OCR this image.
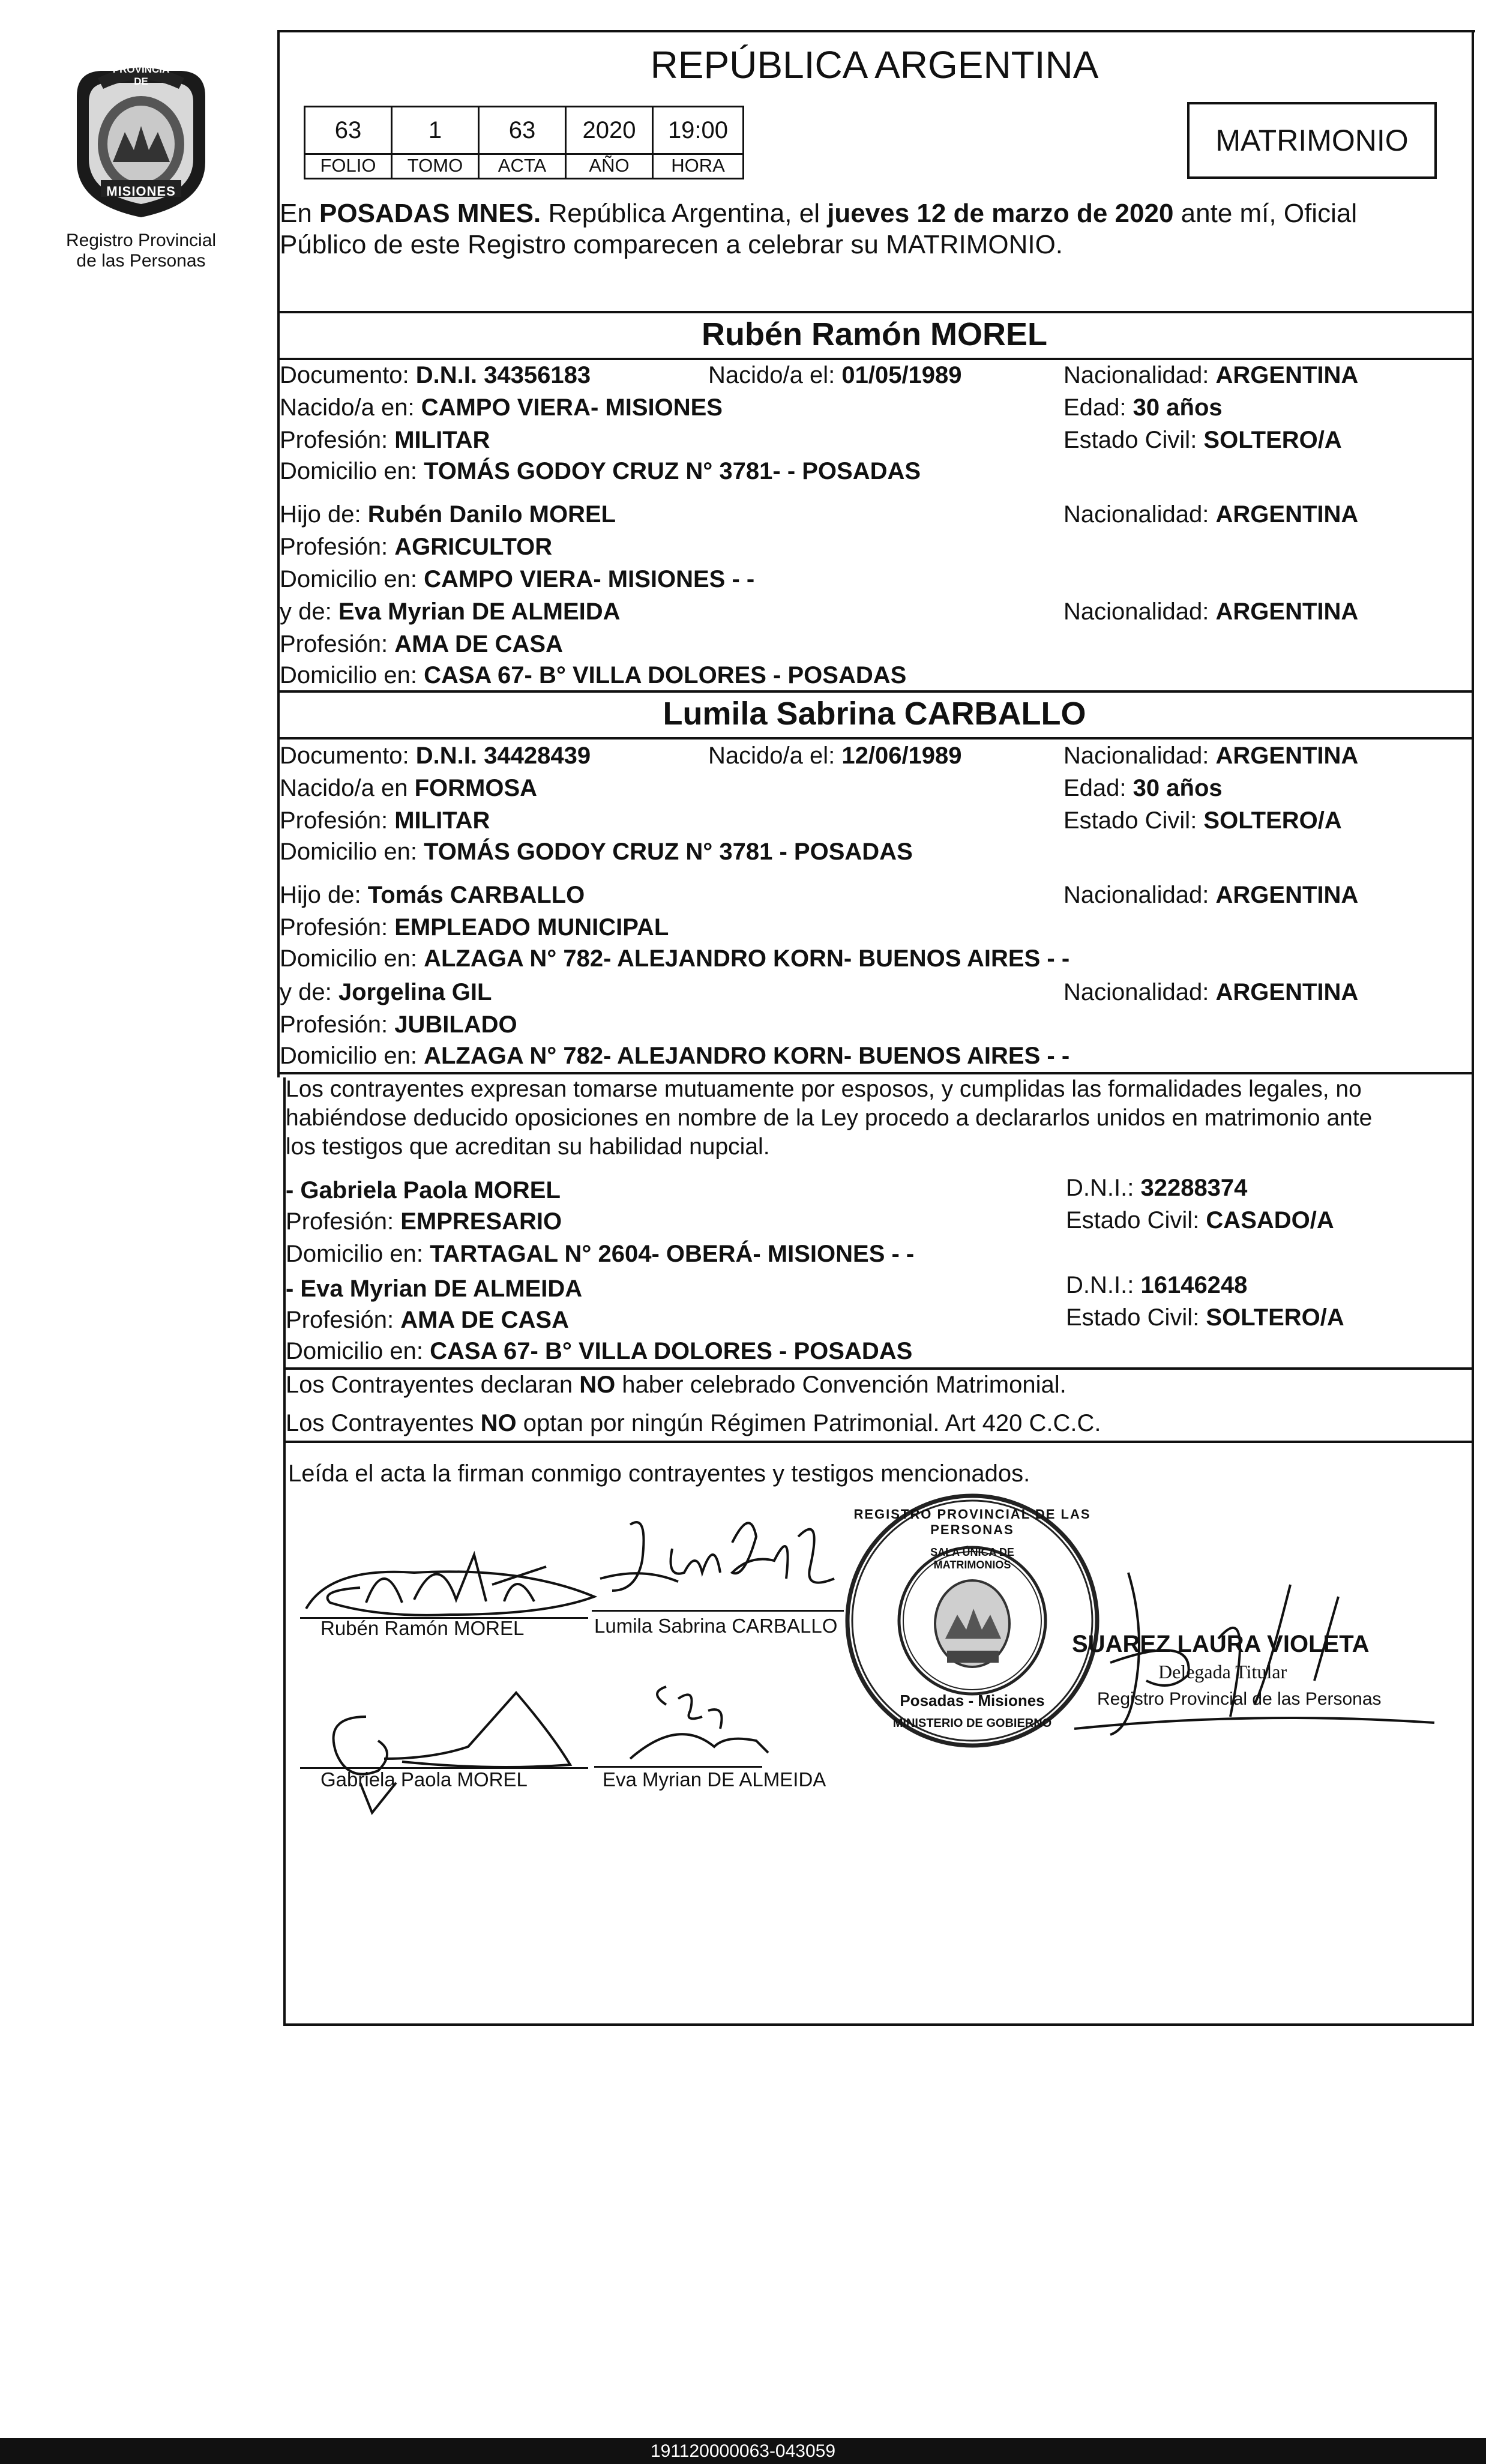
PROVINCIA DE
MISIONES
Registro Provincial
de las Personas
REPÚBLICA ARGENTINA
63	1	63	2020	19:00
FOLIO	TOMO	ACTA	AÑO	HORA
MATRIMONIO
En POSADAS MNES. República Argentina, el jueves 12 de marzo de 2020 ante mí, Oficial
Público de este Registro comparecen a celebrar su MATRIMONIO.
Rubén Ramón MOREL
Documento: D.N.I. 34356183	Nacido/a el: 01/05/1989	Nacionalidad: ARGENTINA
Nacido/a en: CAMPO VIERA- MISIONES	Edad: 30 años
Profesión: MILITAR	Estado Civil: SOLTERO/A
Domicilio en: TOMÁS GODOY CRUZ N° 3781- - POSADAS
Hijo de: Rubén Danilo MOREL	Nacionalidad: ARGENTINA
Profesión: AGRICULTOR
Domicilio en: CAMPO VIERA- MISIONES - -
y de: Eva Myrian DE ALMEIDA	Nacionalidad: ARGENTINA
Profesión: AMA DE CASA
Domicilio en: CASA 67- B° VILLA DOLORES - POSADAS
Lumila Sabrina CARBALLO
Documento: D.N.I. 34428439	Nacido/a el: 12/06/1989	Nacionalidad: ARGENTINA
Nacido/a en FORMOSA	Edad: 30 años
Profesión: MILITAR	Estado Civil: SOLTERO/A
Domicilio en: TOMÁS GODOY CRUZ N° 3781 - POSADAS
Hijo de: Tomás CARBALLO	Nacionalidad: ARGENTINA
Profesión: EMPLEADO MUNICIPAL
Domicilio en: ALZAGA N° 782- ALEJANDRO KORN- BUENOS AIRES - -
y de: Jorgelina GIL	Nacionalidad: ARGENTINA
Profesión: JUBILADO
Domicilio en: ALZAGA N° 782- ALEJANDRO KORN- BUENOS AIRES - -
Los contrayentes expresan tomarse mutuamente por esposos, y cumplidas las formalidades legales, no
habiéndose deducido oposiciones en nombre de la Ley procedo a declararlos unidos en matrimonio ante
los testigos que acreditan su habilidad nupcial.
- Gabriela Paola MOREL	D.N.I.: 32288374
Profesión: EMPRESARIO	Estado Civil: CASADO/A
Domicilio en: TARTAGAL N° 2604- OBERÁ- MISIONES - -
- Eva Myrian DE ALMEIDA	D.N.I.: 16146248
Profesión: AMA DE CASA	Estado Civil: SOLTERO/A
Domicilio en: CASA 67- B° VILLA DOLORES - POSADAS
Los Contrayentes declaran NO haber celebrado Convención Matrimonial.
Los Contrayentes NO optan por ningún Régimen Patrimonial. Art 420 C.C.C.
Leída el acta la firman conmigo contrayentes y testigos mencionados.
Rubén Ramón MOREL	Lumila Sabrina CARBALLO
Gabriela Paola MOREL	Eva Myrian DE ALMEIDA
REGISTRO PROVINCIAL DE LAS PERSONAS
SALA ÚNICA DE MATRIMONIOS
Posadas - Misiones
MINISTERIO DE GOBIERNO
SUAREZ LAURA VIOLETA
Delegada Titular
Registro Provincial de las Personas
191120000063-043059
